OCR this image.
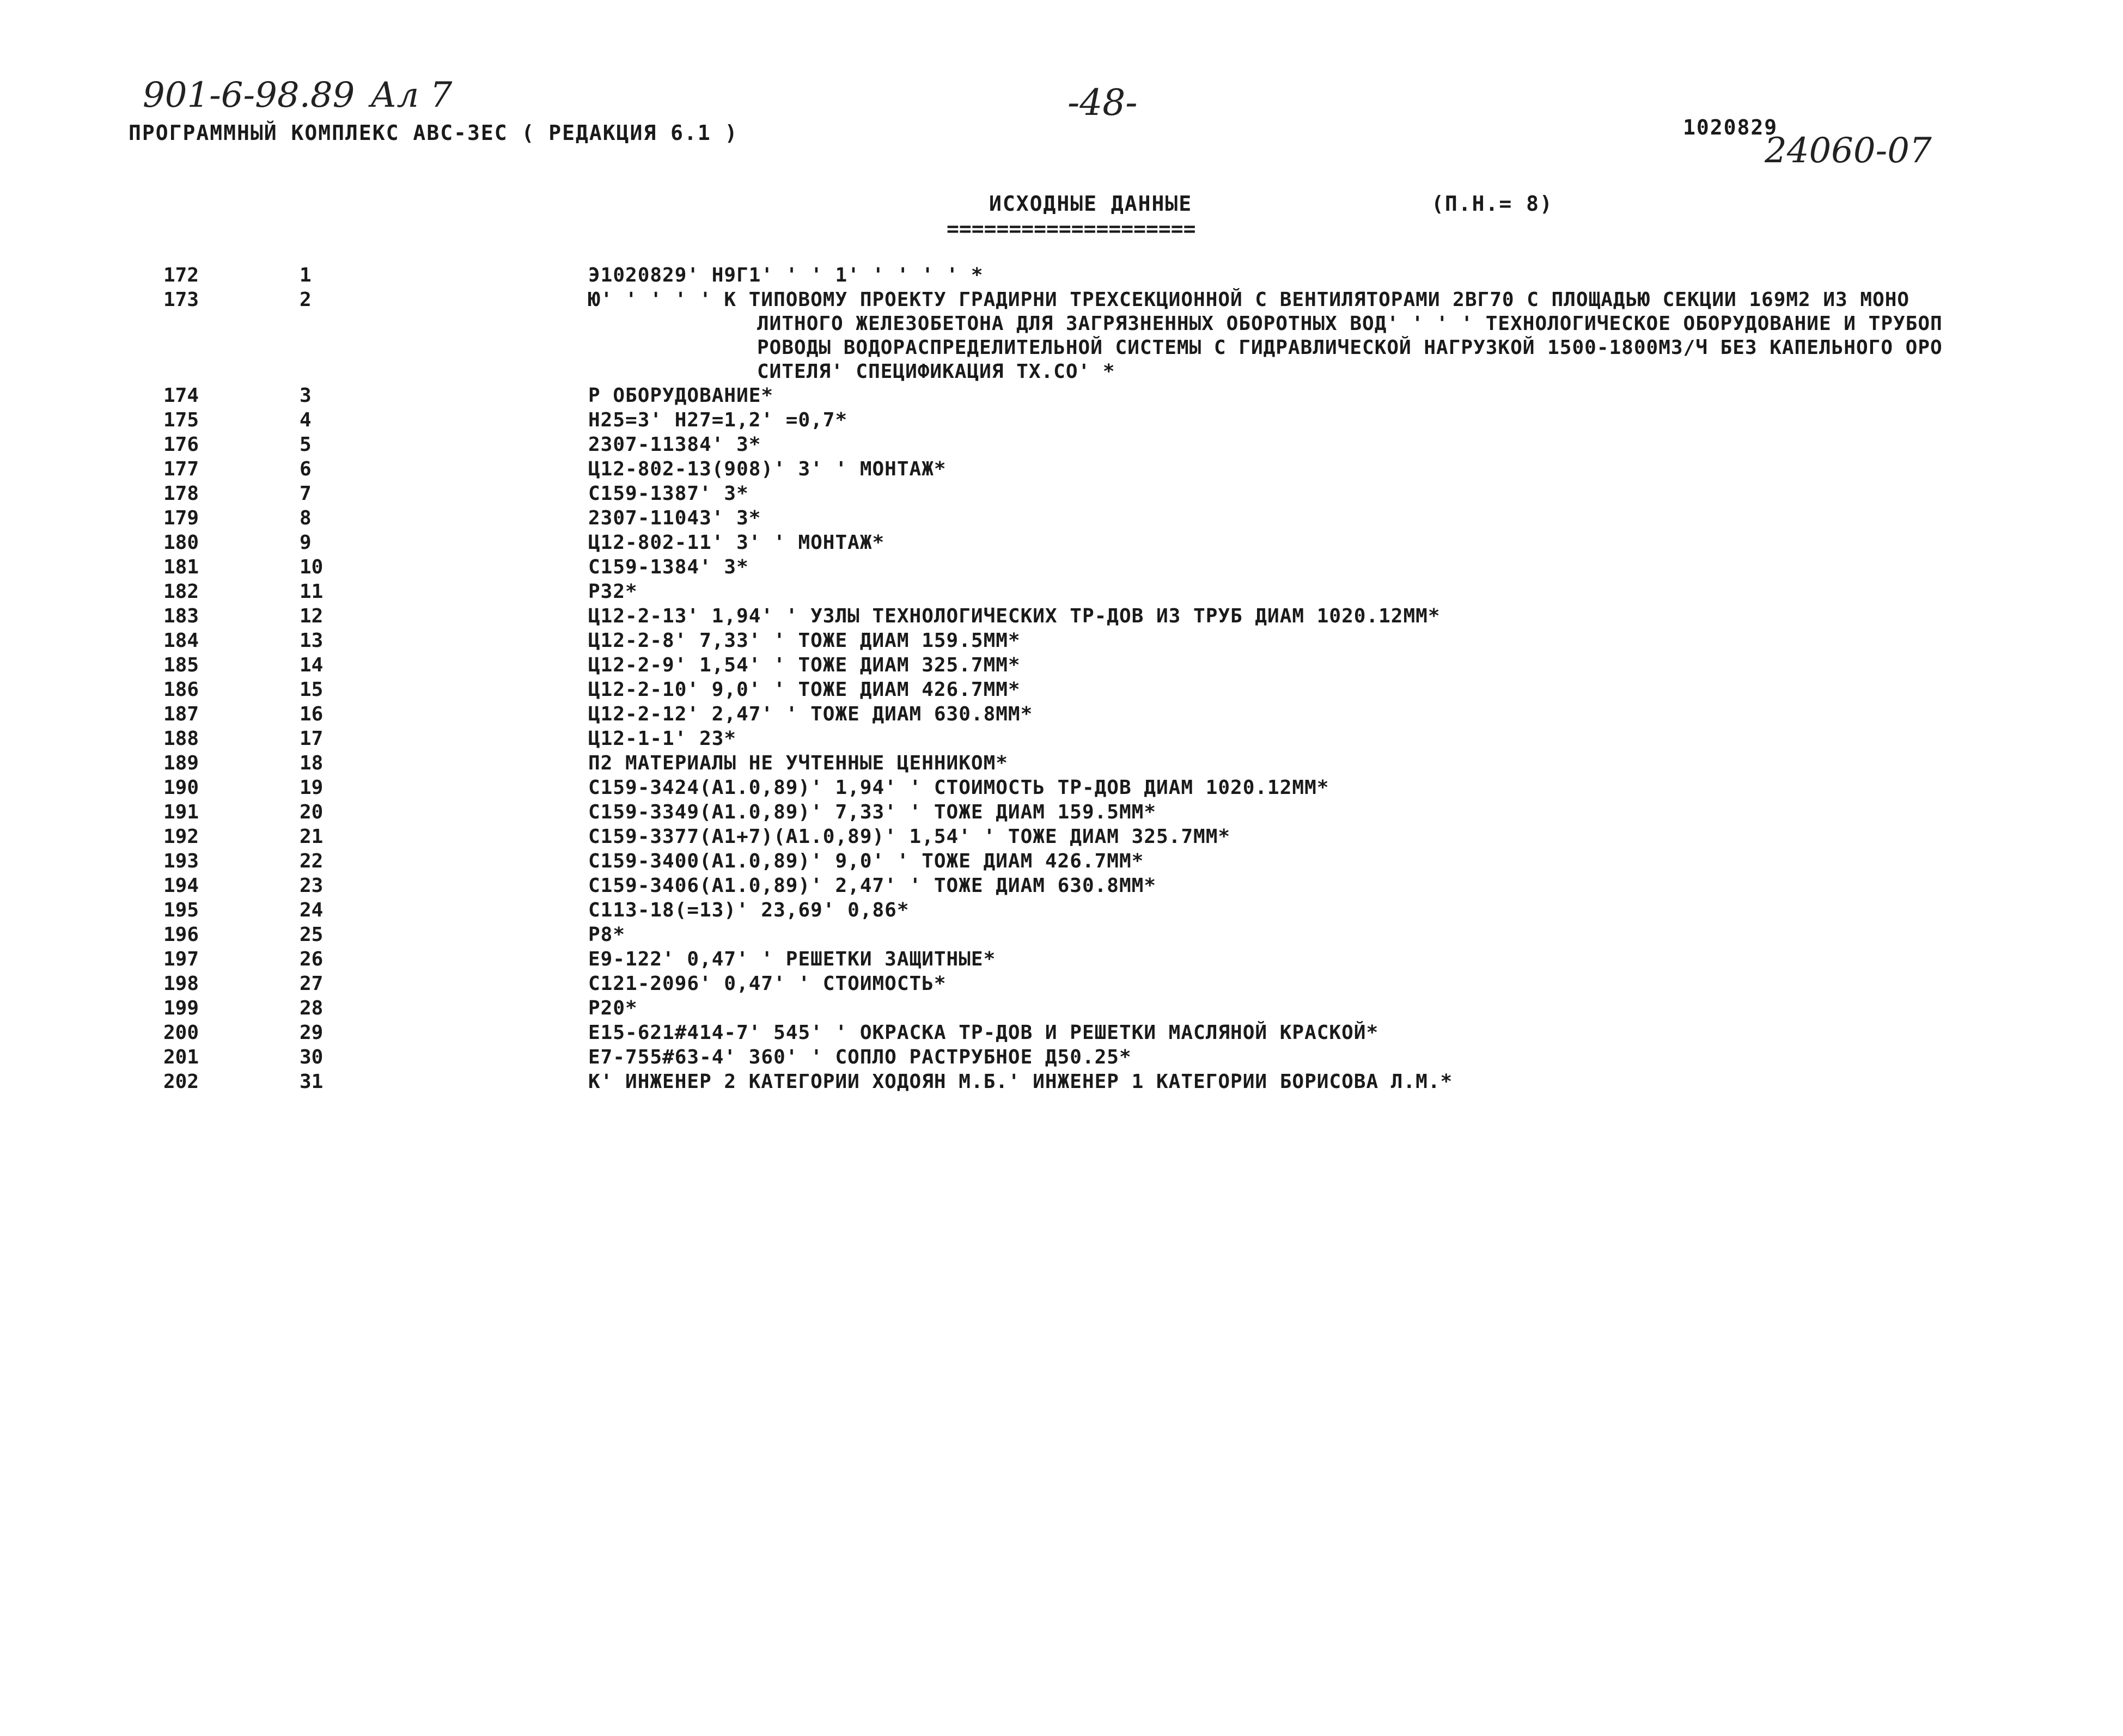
901-6-98.89 Ал 7	-48-
24060-07
ПРОГРАММНЫЙ КОМПЛЕКС АВС-3ЕС ( РЕДАКЦИЯ 6.1 )	1020829
ИСХОДНЫЕ ДАННЫЕ
====================
(П.Н.= 8)
172	1	Э1020829' Н9Г1' ' ' 1' ' ' ' ' *
173	2	Ю' ' ' ' ' К ТИПОВОМУ ПРОЕКТУ ГРАДИРНИ ТРЕХСЕКЦИОННОЙ С ВЕНТИЛЯТОРАМИ 2ВГ70 С ПЛОЩАДЬЮ СЕКЦИИ 169М2 ИЗ МОНО
ЛИТНОГО ЖЕЛЕЗОБЕТОНА ДЛЯ ЗАГРЯЗНЕННЫХ ОБОРОТНЫХ ВОД' ' ' ' ТЕХНОЛОГИЧЕСКОЕ ОБОРУДОВАНИЕ И ТРУБОП
РОВОДЫ ВОДОРАСПРЕДЕЛИТЕЛЬНОЙ СИСТЕМЫ С ГИДРАВЛИЧЕСКОЙ НАГРУЗКОЙ 1500-1800М3/Ч БЕЗ КАПЕЛЬНОГО ОРО
СИТЕЛЯ' СПЕЦИФИКАЦИЯ ТХ.СО' *
174	3	Р ОБОРУДОВАНИЕ*
175	4	Н25=3' Н27=1,2' =0,7*
176	5	2307-11384' 3*
177	6	Ц12-802-13(908)' 3' ' МОНТАЖ*
178	7	С159-1387' 3*
179	8	2307-11043' 3*
180	9	Ц12-802-11' 3' ' МОНТАЖ*
181	10	С159-1384' 3*
182	11	Р32*
183	12	Ц12-2-13' 1,94' ' УЗЛЫ ТЕХНОЛОГИЧЕСКИХ ТР-ДОВ ИЗ ТРУБ ДИАМ 1020.12ММ*
184	13	Ц12-2-8' 7,33' ' ТОЖЕ ДИАМ 159.5ММ*
185	14	Ц12-2-9' 1,54' ' ТОЖЕ ДИАМ 325.7ММ*
186	15	Ц12-2-10' 9,0' ' ТОЖЕ ДИАМ 426.7ММ*
187	16	Ц12-2-12' 2,47' ' ТОЖЕ ДИАМ 630.8ММ*
188	17	Ц12-1-1' 23*
189	18	П2 МАТЕРИАЛЫ НЕ УЧТЕННЫЕ ЦЕННИКОМ*
190	19	С159-3424(А1.0,89)' 1,94' ' СТОИМОСТЬ ТР-ДОВ ДИАМ 1020.12ММ*
191	20	С159-3349(А1.0,89)' 7,33' ' ТОЖЕ ДИАМ 159.5ММ*
192	21	С159-3377(А1+7)(А1.0,89)' 1,54' ' ТОЖЕ ДИАМ 325.7ММ*
193	22	С159-3400(А1.0,89)' 9,0' ' ТОЖЕ ДИАМ 426.7ММ*
194	23	С159-3406(А1.0,89)' 2,47' ' ТОЖЕ ДИАМ 630.8ММ*
195	24	С113-18(=13)' 23,69' 0,86*
196	25	Р8*
197	26	Е9-122' 0,47' ' РЕШЕТКИ ЗАЩИТНЫЕ*
198	27	С121-2096' 0,47' ' СТОИМОСТЬ*
199	28	Р20*
200	29	Е15-621#414-7' 545' ' ОКРАСКА ТР-ДОВ И РЕШЕТКИ МАСЛЯНОЙ КРАСКОЙ*
201	30	Е7-755#63-4' 360' ' СОПЛО РАСТРУБНОЕ Д50.25*
202	31	К' ИНЖЕНЕР 2 КАТЕГОРИИ ХОДОЯН М.Б.' ИНЖЕНЕР 1 КАТЕГОРИИ БОРИСОВА Л.М.*
